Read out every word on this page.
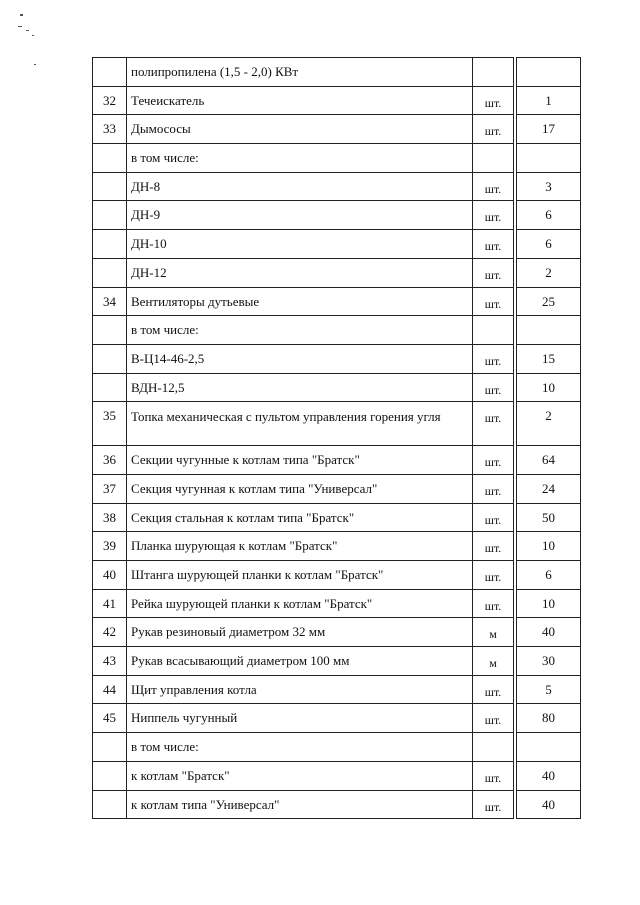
	полипропилена (1,5 - 2,0) КВт			
32	Течеискатель	шт.		1
33	Дымососы	шт.		17
	в том числе:			
	ДН-8	шт.		3
	ДН-9	шт.		6
	ДН-10	шт.		6
	ДН-12	шт.		2
34	Вентиляторы дутьевые	шт.		25
	в том числе:			
	В-Ц14-46-2,5	шт.		15
	ВДН-12,5	шт.		10
35	Топка механическая с пультом управления горения угля	шт.		2
36	Секции чугунные к котлам типа "Братск"	шт.		64
37	Секция чугунная к котлам типа "Универсал"	шт.		24
38	Секция стальная к котлам типа "Братск"	шт.		50
39	Планка шурующая к котлам "Братск"	шт.		10
40	Штанга шурующей планки к котлам "Братск"	шт.		6
41	Рейка шурующей планки к котлам "Братск"	шт.		10
42	Рукав резиновый диаметром 32 мм	м		40
43	Рукав всасывающий диаметром 100 мм	м		30
44	Щит управления котла	шт.		5
45	Ниппель чугунный	шт.		80
	в том числе:			
	к котлам "Братск"	шт.		40
	к котлам типа "Универсал"	шт.		40
